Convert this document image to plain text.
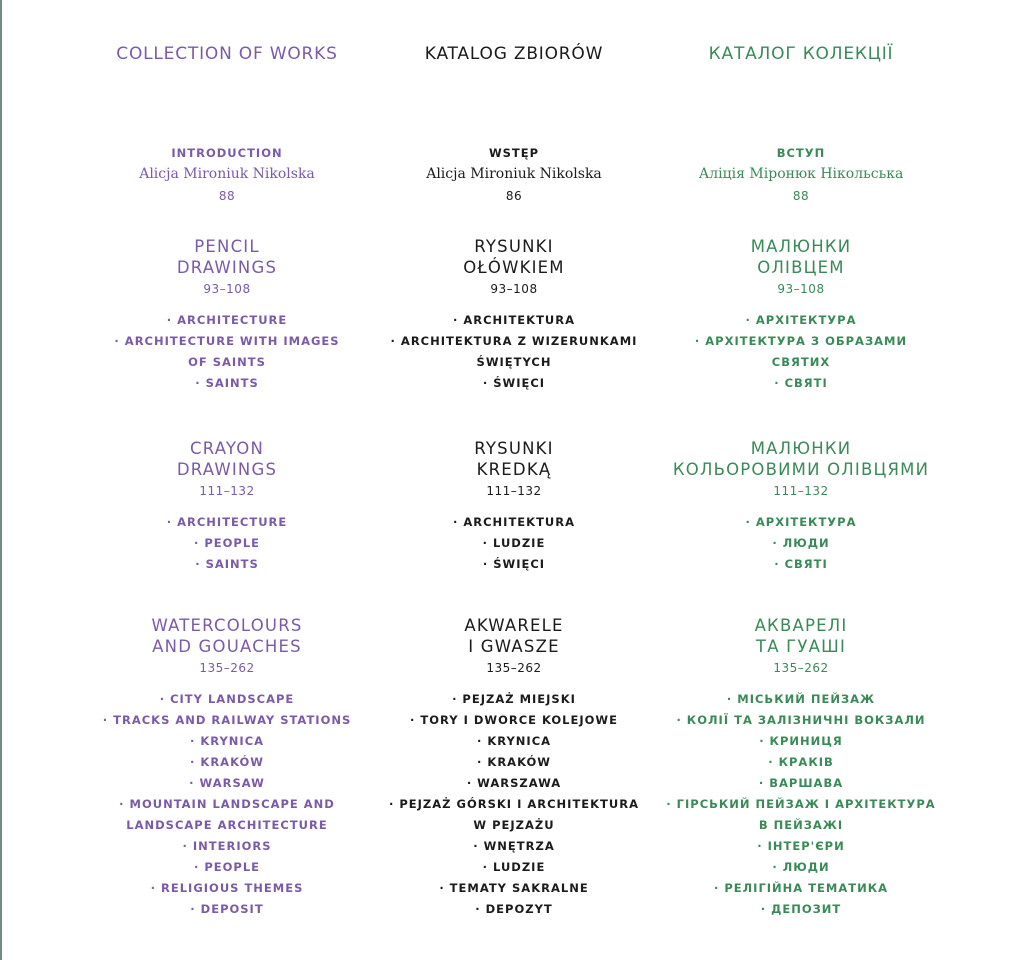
COLLECTION OF WORKS
INTRODUCTION
Alicja Mironiuk Nikolska
88
PENCIL
DRAWINGS
93–108
· ARCHITECTURE
· ARCHITECTURE WITH IMAGES
OF SAINTS
· SAINTS
CRAYON
DRAWINGS
111–132
· ARCHITECTURE
· PEOPLE
· SAINTS
WATERCOLOURS
AND GOUACHES
135–262
· CITY LANDSCAPE
· TRACKS AND RAILWAY STATIONS
· KRYNICA
· KRAKÓW
· WARSAW
· MOUNTAIN LANDSCAPE AND
LANDSCAPE ARCHITECTURE
· INTERIORS
· PEOPLE
· RELIGIOUS THEMES
· DEPOSIT
KATALOG ZBIORÓW
WSTĘP
Alicja Mironiuk Nikolska
86
RYSUNKI
OŁÓWKIEM
93–108
· ARCHITEKTURA
· ARCHITEKTURA Z WIZERUNKAMI
ŚWIĘTYCH
· ŚWIĘCI
RYSUNKI
KREDKĄ
111–132
· ARCHITEKTURA
· LUDZIE
· ŚWIĘCI
AKWARELE
I GWASZE
135–262
· PEJZAŻ MIEJSKI
· TORY I DWORCE KOLEJOWE
· KRYNICA
· KRAKÓW
· WARSZAWA
· PEJZAŻ GÓRSKI I ARCHITEKTURA
W PEJZAŻU
· WNĘTRZA
· LUDZIE
· TEMATY SAKRALNE
· DEPOZYT
КАТАЛОГ КОЛЕКЦІЇ
ВСТУП
Аліція Міронюк Нікольська
88
МАЛЮНКИ
ОЛІВЦЕМ
93–108
· АРХІТЕКТУРА
· АРХІТЕКТУРА З ОБРАЗАМИ
СВЯТИХ
· СВЯТІ
МАЛЮНКИ
КОЛЬОРОВИМИ ОЛІВЦЯМИ
111–132
· АРХІТЕКТУРА
· ЛЮДИ
· СВЯТІ
АКВАРЕЛІ
ТА ГУАШІ
135–262
· МІСЬКИЙ ПЕЙЗАЖ
· КОЛІЇ ТА ЗАЛІЗНИЧНІ ВОКЗАЛИ
· КРИНИЦЯ
· КРАКІВ
· ВАРШАВА
· ГІРСЬКИЙ ПЕЙЗАЖ І АРХІТЕКТУРА
В ПЕЙЗАЖІ
· ІНТЕР'ЄРИ
· ЛЮДИ
· РЕЛІГІЙНА ТЕМАТИКА
· ДЕПОЗИТ
